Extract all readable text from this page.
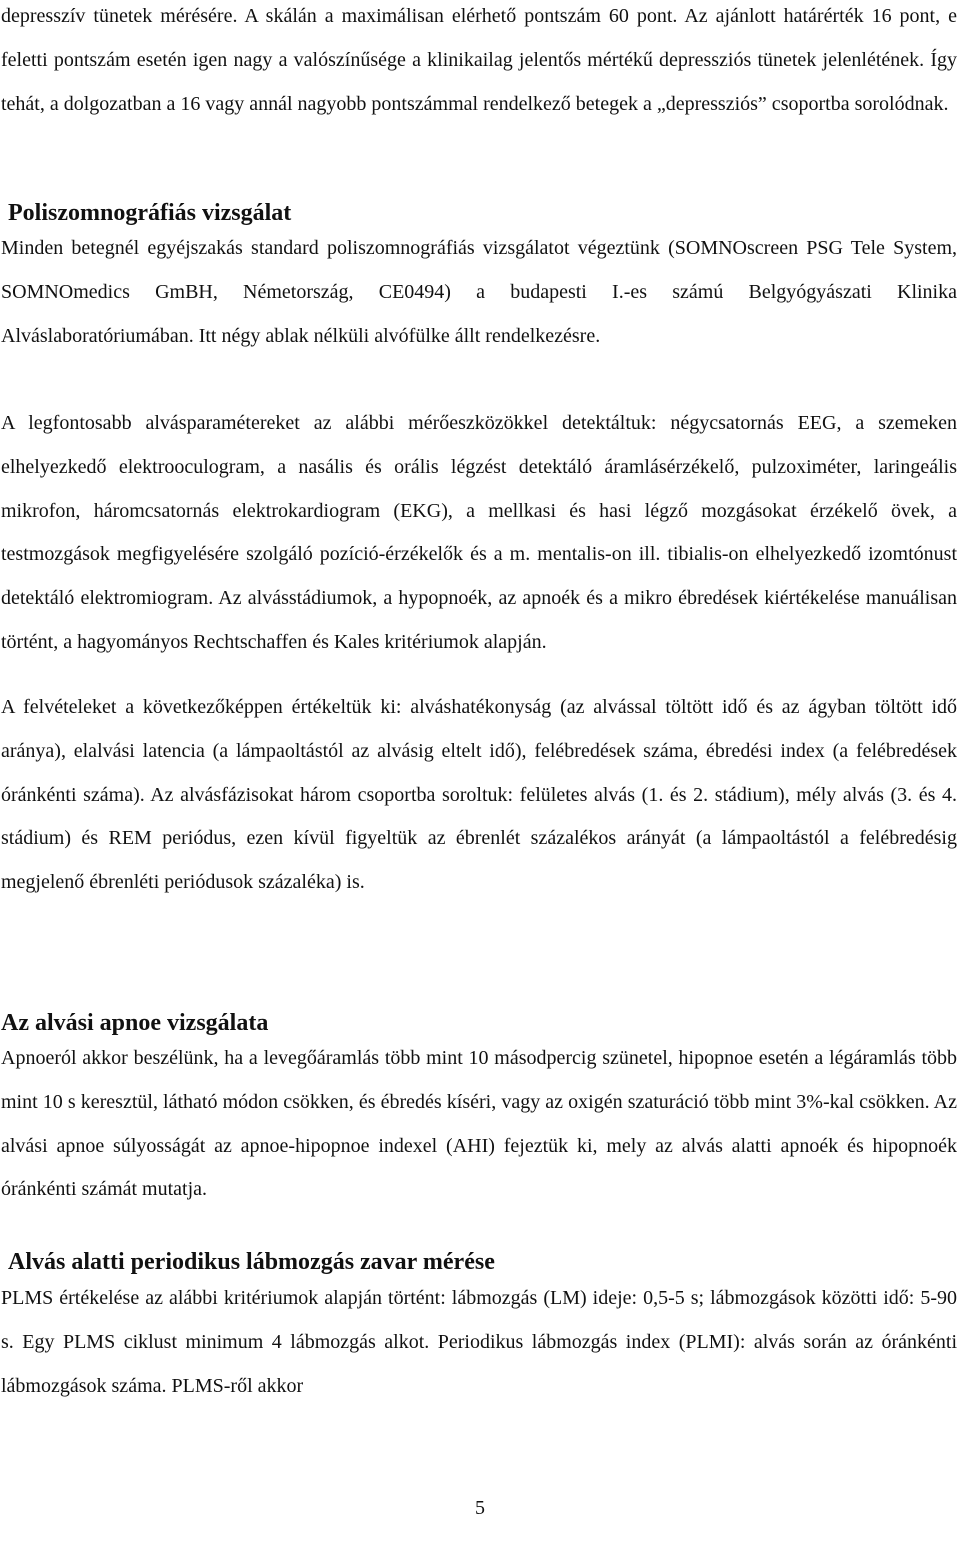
depresszív tünetek mérésére. A skálán a maximálisan elérhető pontszám 60 pont. Az ajánlott határérték 16 pont, e feletti pontszám esetén igen nagy a valószínűsége a klinikailag jelentős mértékű depressziós tünetek jelenlétének. Így tehát, a dolgozatban a 16 vagy annál nagyobb pontszámmal rendelkező betegek a „depressziós” csoportba sorolódnak.

Poliszomnográfiás vizsgálat

Minden betegnél egyéjszakás standard poliszomnográfiás vizsgálatot végeztünk (SOMNOscreen PSG Tele System, SOMNOmedics GmBH, Németország, CE0494) a budapesti I.-es számú Belgyógyászati Klinika Alváslaboratóriumában. Itt négy ablak nélküli alvófülke állt rendelkezésre.

A legfontosabb alvásparamétereket az alábbi mérőeszközökkel detektáltuk: négycsatornás EEG, a szemeken elhelyezkedő elektrooculogram, a nasális és orális légzést detektáló áramlásérzékelő, pulzoximéter, laringeális mikrofon, háromcsatornás elektrokardiogram (EKG), a mellkasi és hasi légző mozgásokat érzékelő övek, a testmozgások megfigyelésére szolgáló pozíció-érzékelők és a m. mentalis-on ill. tibialis-on elhelyezkedő izomtónust detektáló elektromiogram. Az alvásstádiumok, a hypopnoék, az apnoék és a mikro ébredések kiértékelése manuálisan történt, a hagyományos Rechtschaffen és Kales kritériumok alapján.

A felvételeket a következőképpen értékeltük ki: alváshatékonyság (az alvással töltött idő és az ágyban töltött idő aránya), elalvási latencia (a lámpaoltástól az alvásig eltelt idő), felébredések száma, ébredési index (a felébredések óránkénti száma). Az alvásfázisokat három csoportba soroltuk: felületes alvás (1. és 2. stádium), mély alvás (3. és 4. stádium) és REM periódus, ezen kívül figyeltük az ébrenlét százalékos arányát (a lámpaoltástól a felébredésig megjelenő ébrenléti periódusok százaléka) is.

Az alvási apnoe vizsgálata

Apnoeról akkor beszélünk, ha a levegőáramlás több mint 10 másodpercig szünetel, hipopnoe esetén a légáramlás több mint 10 s keresztül, látható módon csökken, és ébredés kíséri, vagy az oxigén szaturáció több mint 3%-kal csökken. Az alvási apnoe súlyosságát az apnoe-hipopnoe indexel (AHI) fejeztük ki, mely az alvás alatti apnoék és hipopnoék óránkénti számát mutatja.

Alvás alatti periodikus lábmozgás zavar mérése

PLMS értékelése az alábbi kritériumok alapján történt: lábmozgás (LM) ideje: 0,5-5 s; lábmozgások közötti idő: 5-90 s. Egy PLMS ciklust minimum 4 lábmozgás alkot. Periodikus lábmozgás index (PLMI): alvás során az óránkénti lábmozgások száma. PLMS-ről akkor

5
